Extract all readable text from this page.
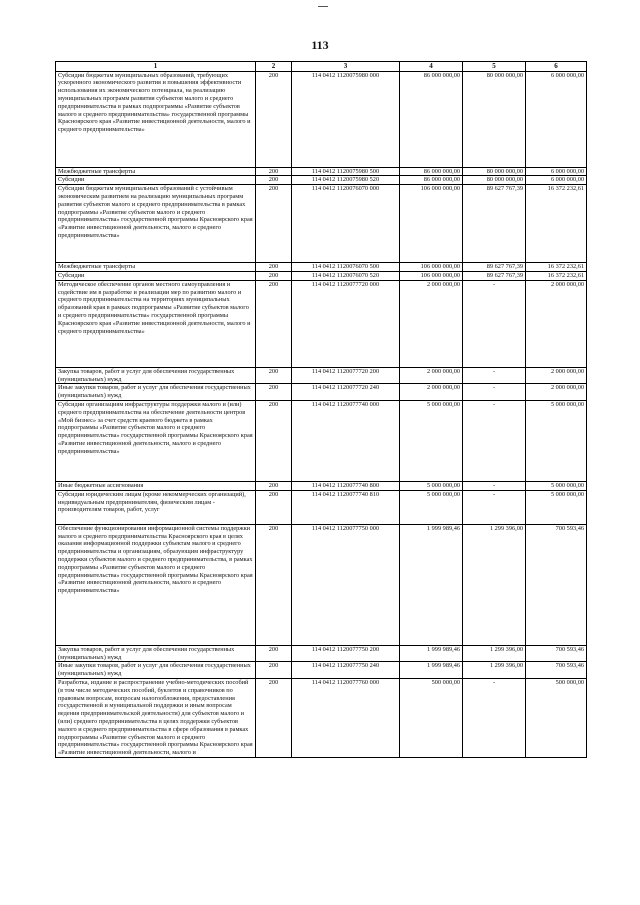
113
1	2	3	4	5	6
Субсидии бюджетам муниципальных образований, требующих ускоренного экономического развития и повышения эффективности использования их экономического потенциала, на реализацию муниципальных программ развития субъектов малого и среднего предпринимательства в рамках подпрограммы «Развитие субъектов малого и среднего предпринимательства» государственной программы Красноярского края «Развитие инвестиционной деятельности, малого и среднего предпринимательства»	200	114 0412 1120075980 000	86 000 000,00	80 000 000,00	6 000 000,00
Межбюджетные трансферты	200	114 0412 1120075980 500	86 000 000,00	80 000 000,00	6 000 000,00
Субсидии	200	114 0412 1120075980 520	86 000 000,00	80 000 000,00	6 000 000,00
Субсидии бюджетам муниципальных образований с устойчивым экономическим развитием на реализацию муниципальных программ развития субъектов малого и среднего предпринимательства в рамках подпрограммы «Развитие субъектов малого и среднего предпринимательства» государственной программы Красноярского края «Развитие инвестиционной деятельности, малого и среднего предпринимательства»	200	114 0412 1120076070 000	106 000 000,00	89 627 767,39	16 372 232,61
Межбюджетные трансферты	200	114 0412 1120076070 500	106 000 000,00	89 627 767,39	16 372 232,61
Субсидии	200	114 0412 1120076070 520	106 000 000,00	89 627 767,39	16 372 232,61
Методическое обеспечение органов местного самоуправления и содействие им в разработке и реализации мер по развитию малого и среднего предпринимательства на территориях муниципальных образований края в рамках подпрограммы «Развитие субъектов малого и среднего предпринимательства» государственной программы Красноярского края «Развитие инвестиционной деятельности, малого и среднего предпринимательства»	200	114 0412 1120077720 000	2 000 000,00	-	2 000 000,00
Закупка товаров, работ и услуг для обеспечения государственных (муниципальных) нужд	200	114 0412 1120077720 200	2 000 000,00	-	2 000 000,00
Иные закупки товаров, работ и услуг для обеспечения государственных (муниципальных) нужд	200	114 0412 1120077720 240	2 000 000,00	-	2 000 000,00
Субсидии организациям инфраструктуры поддержки малого и (или) среднего предпринимательства на обеспечение деятельности центров «Мой бизнес» за счет средств краевого бюджета в рамках подпрограммы «Развитие субъектов малого и среднего предпринимательства» государственной программы Красноярского края «Развитие инвестиционной деятельности, малого и среднего предпринимательства»	200	114 0412 1120077740 000	5 000 000,00	-	5 000 000,00
Иные бюджетные ассигнования	200	114 0412 1120077740 800	5 000 000,00	-	5 000 000,00
Субсидии юридическим лицам (кроме некоммерческих организаций), индивидуальным предпринимателям, физическим лицам - производителям товаров, работ, услуг	200	114 0412 1120077740 810	5 000 000,00	-	5 000 000,00
Обеспечение функционирования информационной системы поддержки малого и среднего предпринимательства Красноярского края в целях оказания информационной поддержки субъектам малого и среднего предпринимательства и организациям, образующим инфраструктуру поддержки субъектов малого и среднего предпринимательства, в рамках подпрограммы «Развитие субъектов малого и среднего предпринимательства» государственной программы Красноярского края «Развитие инвестиционной деятельности, малого и среднего предпринимательства»	200	114 0412 1120077750 000	1 999 989,46	1 299 396,00	700 593,46
Закупка товаров, работ и услуг для обеспечения государственных (муниципальных) нужд	200	114 0412 1120077750 200	1 999 989,46	1 299 396,00	700 593,46
Иные закупки товаров, работ и услуг для обеспечения государственных (муниципальных) нужд	200	114 0412 1120077750 240	1 999 989,46	1 299 396,00	700 593,46
Разработка, издание и распространение учебно-методических пособий (в том числе методических пособий, буклетов и справочников по правовым вопросам, вопросам налогообложения, предоставления государственной и муниципальной поддержки и иным вопросам ведения предпринимательской деятельности) для субъектов малого и (или) среднего предпринимательства в целях поддержки субъектов малого и среднего предпринимательства в сфере образования в рамках подпрограммы «Развитие субъектов малого и среднего предпринимательства» государственной программы Красноярского края «Развитие инвестиционной деятельности, малого и	200	114 0412 1120077760 000	500 000,00	-	500 000,00
